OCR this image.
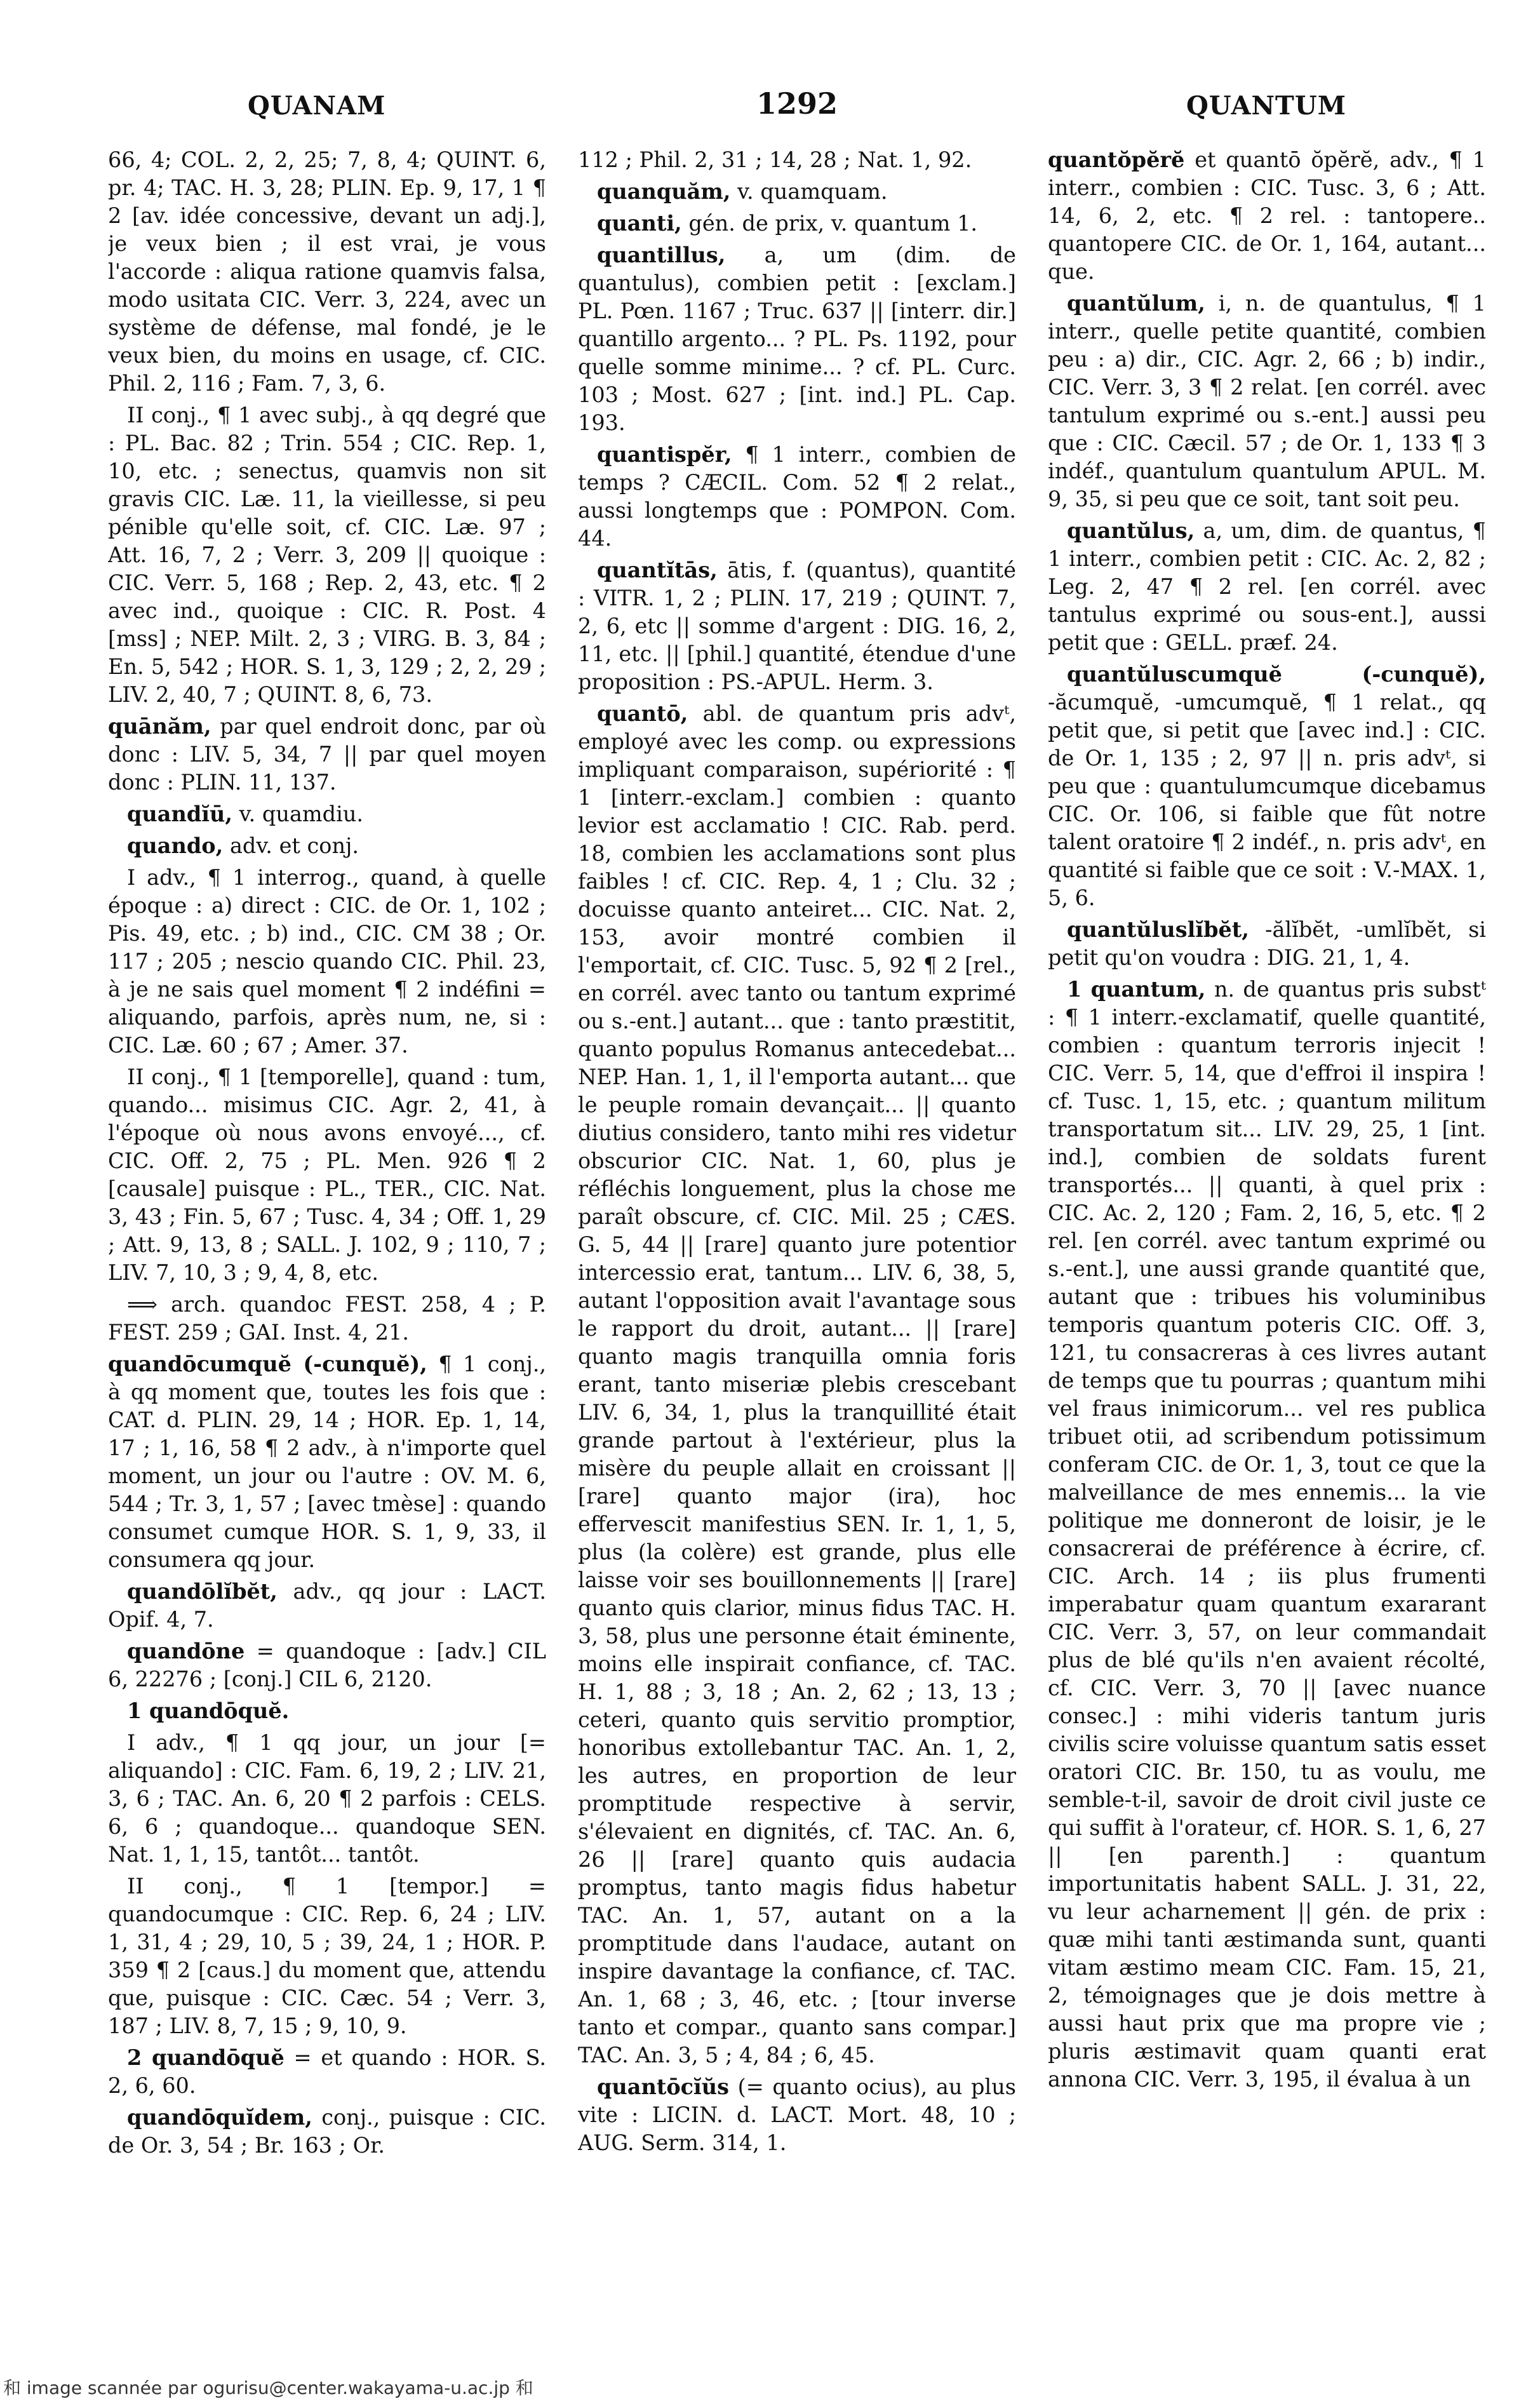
QUANAM	1292	QUANTUM

66, 4; COL. 2, 2, 25; 7, 8, 4; QUINT. 6, pr. 4; TAC. H. 3, 28; PLIN. Ep. 9, 17, 1 ¶ 2 [av. idée concessive, devant un adj.], je veux bien ; il est vrai, je vous l'accorde : aliqua ratione quamvis falsa, modo usitata CIC. Verr. 3, 224, avec un système de défense, mal fondé, je le veux bien, du moins en usage, cf. CIC. Phil. 2, 116 ; Fam. 7, 3, 6.

II conj., ¶ 1 avec subj., à qq degré que : PL. Bac. 82 ; Trin. 554 ; CIC. Rep. 1, 10, etc. ; senectus, quamvis non sit gravis CIC. Læ. 11, la vieillesse, si peu pénible qu'elle soit, cf. CIC. Læ. 97 ; Att. 16, 7, 2 ; Verr. 3, 209 || quoique : CIC. Verr. 5, 168 ; Rep. 2, 43, etc. ¶ 2 avec ind., quoique : CIC. R. Post. 4 [mss] ; NEP. Milt. 2, 3 ; VIRG. B. 3, 84 ; En. 5, 542 ; HOR. S. 1, 3, 129 ; 2, 2, 29 ; LIV. 2, 40, 7 ; QUINT. 8, 6, 73.

quānăm, par quel endroit donc, par où donc : LIV. 5, 34, 7 || par quel moyen donc : PLIN. 11, 137.

quandĭū, v. quamdiu.

quando, adv. et conj.

I adv., ¶ 1 interrog., quand, à quelle époque : a) direct : CIC. de Or. 1, 102 ; Pis. 49, etc. ; b) ind., CIC. CM 38 ; Or. 117 ; 205 ; nescio quando CIC. Phil. 23, à je ne sais quel moment ¶ 2 indéfini = aliquando, parfois, après num, ne, si : CIC. Læ. 60 ; 67 ; Amer. 37.

II conj., ¶ 1 [temporelle], quand : tum, quando... misimus CIC. Agr. 2, 41, à l'époque où nous avons envoyé..., cf. CIC. Off. 2, 75 ; PL. Men. 926 ¶ 2 [causale] puisque : PL., TER., CIC. Nat. 3, 43 ; Fin. 5, 67 ; Tusc. 4, 34 ; Off. 1, 29 ; Att. 9, 13, 8 ; SALL. J. 102, 9 ; 110, 7 ; LIV. 7, 10, 3 ; 9, 4, 8, etc.

⟹ arch. quandoc FEST. 258, 4 ; P. FEST. 259 ; GAI. Inst. 4, 21.

quandōcumquĕ (-cunquĕ), ¶ 1 conj., à qq moment que, toutes les fois que : CAT. d. PLIN. 29, 14 ; HOR. Ep. 1, 14, 17 ; 1, 16, 58 ¶ 2 adv., à n'importe quel moment, un jour ou l'autre : OV. M. 6, 544 ; Tr. 3, 1, 57 ; [avec tmèse] : quando consumet cumque HOR. S. 1, 9, 33, il consumera qq jour.

quandōlĭbĕt, adv., qq jour : LACT. Opif. 4, 7.

quandōne = quandoque : [adv.] CIL 6, 22276 ; [conj.] CIL 6, 2120.

1 quandōquĕ.

I adv., ¶ 1 qq jour, un jour [= aliquando] : CIC. Fam. 6, 19, 2 ; LIV. 21, 3, 6 ; TAC. An. 6, 20 ¶ 2 parfois : CELS. 6, 6 ; quandoque... quandoque SEN. Nat. 1, 1, 15, tantôt... tantôt.

II conj., ¶ 1 [tempor.] = quandocumque : CIC. Rep. 6, 24 ; LIV. 1, 31, 4 ; 29, 10, 5 ; 39, 24, 1 ; HOR. P. 359 ¶ 2 [caus.] du moment que, attendu que, puisque : CIC. Cæc. 54 ; Verr. 3, 187 ; LIV. 8, 7, 15 ; 9, 10, 9.

2 quandōquĕ = et quando : HOR. S. 2, 6, 60.

quandōquĭdem, conj., puisque : CIC. de Or. 3, 54 ; Br. 163 ; Or.

112 ; Phil. 2, 31 ; 14, 28 ; Nat. 1, 92.

quanquăm, v. quamquam.

quanti, gén. de prix, v. quantum 1.

quantillus, a, um (dim. de quantulus), combien petit : [exclam.] PL. Pœn. 1167 ; Truc. 637 || [interr. dir.] quantillo argento... ? PL. Ps. 1192, pour quelle somme minime... ? cf. PL. Curc. 103 ; Most. 627 ; [int. ind.] PL. Cap. 193.

quantispĕr, ¶ 1 interr., combien de temps ? CÆCIL. Com. 52 ¶ 2 relat., aussi longtemps que : POMPON. Com. 44.

quantĭtās, ātis, f. (quantus), quantité : VITR. 1, 2 ; PLIN. 17, 219 ; QUINT. 7, 2, 6, etc || somme d'argent : DIG. 16, 2, 11, etc. || [phil.] quantité, étendue d'une proposition : PS.-APUL. Herm. 3.

quantō, abl. de quantum pris advᵗ, employé avec les comp. ou expressions impliquant comparaison, supériorité : ¶ 1 [interr.-exclam.] combien : quanto levior est acclamatio ! CIC. Rab. perd. 18, combien les acclamations sont plus faibles ! cf. CIC. Rep. 4, 1 ; Clu. 32 ; docuisse quanto anteiret... CIC. Nat. 2, 153, avoir montré combien il l'emportait, cf. CIC. Tusc. 5, 92 ¶ 2 [rel., en corrél. avec tanto ou tantum exprimé ou s.-ent.] autant... que : tanto præstitit, quanto populus Romanus antecedebat... NEP. Han. 1, 1, il l'emporta autant... que le peuple romain devançait... || quanto diutius considero, tanto mihi res videtur obscurior CIC. Nat. 1, 60, plus je réfléchis longuement, plus la chose me paraît obscure, cf. CIC. Mil. 25 ; CÆS. G. 5, 44 || [rare] quanto jure potentior intercessio erat, tantum... LIV. 6, 38, 5, autant l'opposition avait l'avantage sous le rapport du droit, autant... || [rare] quanto magis tranquilla omnia foris erant, tanto miseriæ plebis crescebant LIV. 6, 34, 1, plus la tranquillité était grande partout à l'extérieur, plus la misère du peuple allait en croissant || [rare] quanto major (ira), hoc effervescit manifestius SEN. Ir. 1, 1, 5, plus (la colère) est grande, plus elle laisse voir ses bouillonnements || [rare] quanto quis clarior, minus fidus TAC. H. 3, 58, plus une personne était éminente, moins elle inspirait confiance, cf. TAC. H. 1, 88 ; 3, 18 ; An. 2, 62 ; 13, 13 ; ceteri, quanto quis servitio promptior, honoribus extollebantur TAC. An. 1, 2, les autres, en proportion de leur promptitude respective à servir, s'élevaient en dignités, cf. TAC. An. 6, 26 || [rare] quanto quis audacia promptus, tanto magis fidus habetur TAC. An. 1, 57, autant on a la promptitude dans l'audace, autant on inspire davantage la confiance, cf. TAC. An. 1, 68 ; 3, 46, etc. ; [tour inverse tanto et compar., quanto sans compar.] TAC. An. 3, 5 ; 4, 84 ; 6, 45.

quantōcĭŭs (= quanto ocius), au plus vite : LICIN. d. LACT. Mort. 48, 10 ; AUG. Serm. 314, 1.

quantŏpĕrĕ et quantō ŏpĕrĕ, adv., ¶ 1 interr., combien : CIC. Tusc. 3, 6 ; Att. 14, 6, 2, etc. ¶ 2 rel. : tantopere.. quantopere CIC. de Or. 1, 164, autant... que.

quantŭlum, i, n. de quantulus, ¶ 1 interr., quelle petite quantité, combien peu : a) dir., CIC. Agr. 2, 66 ; b) indir., CIC. Verr. 3, 3 ¶ 2 relat. [en corrél. avec tantulum exprimé ou s.-ent.] aussi peu que : CIC. Cæcil. 57 ; de Or. 1, 133 ¶ 3 indéf., quantulum quantulum APUL. M. 9, 35, si peu que ce soit, tant soit peu.

quantŭlus, a, um, dim. de quantus, ¶ 1 interr., combien petit : CIC. Ac. 2, 82 ; Leg. 2, 47 ¶ 2 rel. [en corrél. avec tantulus exprimé ou sous-ent.], aussi petit que : GELL. præf. 24.

quantŭluscumquĕ (-cunquĕ), -ăcumquĕ, -umcumquĕ, ¶ 1 relat., qq petit que, si petit que [avec ind.] : CIC. de Or. 1, 135 ; 2, 97 || n. pris advᵗ, si peu que : quantulumcumque dicebamus CIC. Or. 106, si faible que fût notre talent oratoire ¶ 2 indéf., n. pris advᵗ, en quantité si faible que ce soit : V.-MAX. 1, 5, 6.

quantŭluslĭbĕt, -ălĭbĕt, -umlĭbĕt, si petit qu'on voudra : DIG. 21, 1, 4.

1 quantum, n. de quantus pris substᵗ : ¶ 1 interr.-exclamatif, quelle quantité, combien : quantum terroris injecit ! CIC. Verr. 5, 14, que d'effroi il inspira ! cf. Tusc. 1, 15, etc. ; quantum militum transportatum sit... LIV. 29, 25, 1 [int. ind.], combien de soldats furent transportés... || quanti, à quel prix : CIC. Ac. 2, 120 ; Fam. 2, 16, 5, etc. ¶ 2 rel. [en corrél. avec tantum exprimé ou s.-ent.], une aussi grande quantité que, autant que : tribues his voluminibus temporis quantum poteris CIC. Off. 3, 121, tu consacreras à ces livres autant de temps que tu pourras ; quantum mihi vel fraus inimicorum... vel res publica tribuet otii, ad scribendum potissimum conferam CIC. de Or. 1, 3, tout ce que la malveillance de mes ennemis... la vie politique me donneront de loisir, je le consacrerai de préférence à écrire, cf. CIC. Arch. 14 ; iis plus frumenti imperabatur quam quantum exararant CIC. Verr. 3, 57, on leur commandait plus de blé qu'ils n'en avaient récolté, cf. CIC. Verr. 3, 70 || [avec nuance consec.] : mihi videris tantum juris civilis scire voluisse quantum satis esset oratori CIC. Br. 150, tu as voulu, me semble-t-il, savoir de droit civil juste ce qui suffit à l'orateur, cf. HOR. S. 1, 6, 27 || [en parenth.] : quantum importunitatis habent SALL. J. 31, 22, vu leur acharnement || gén. de prix : quæ mihi tanti æstimanda sunt, quanti vitam æstimo meam CIC. Fam. 15, 21, 2, témoignages que je dois mettre à aussi haut prix que ma propre vie ; pluris æstimavit quam quanti erat annona CIC. Verr. 3, 195, il évalua à un

和 image scannée par ogurisu@center.wakayama-u.ac.jp 和
